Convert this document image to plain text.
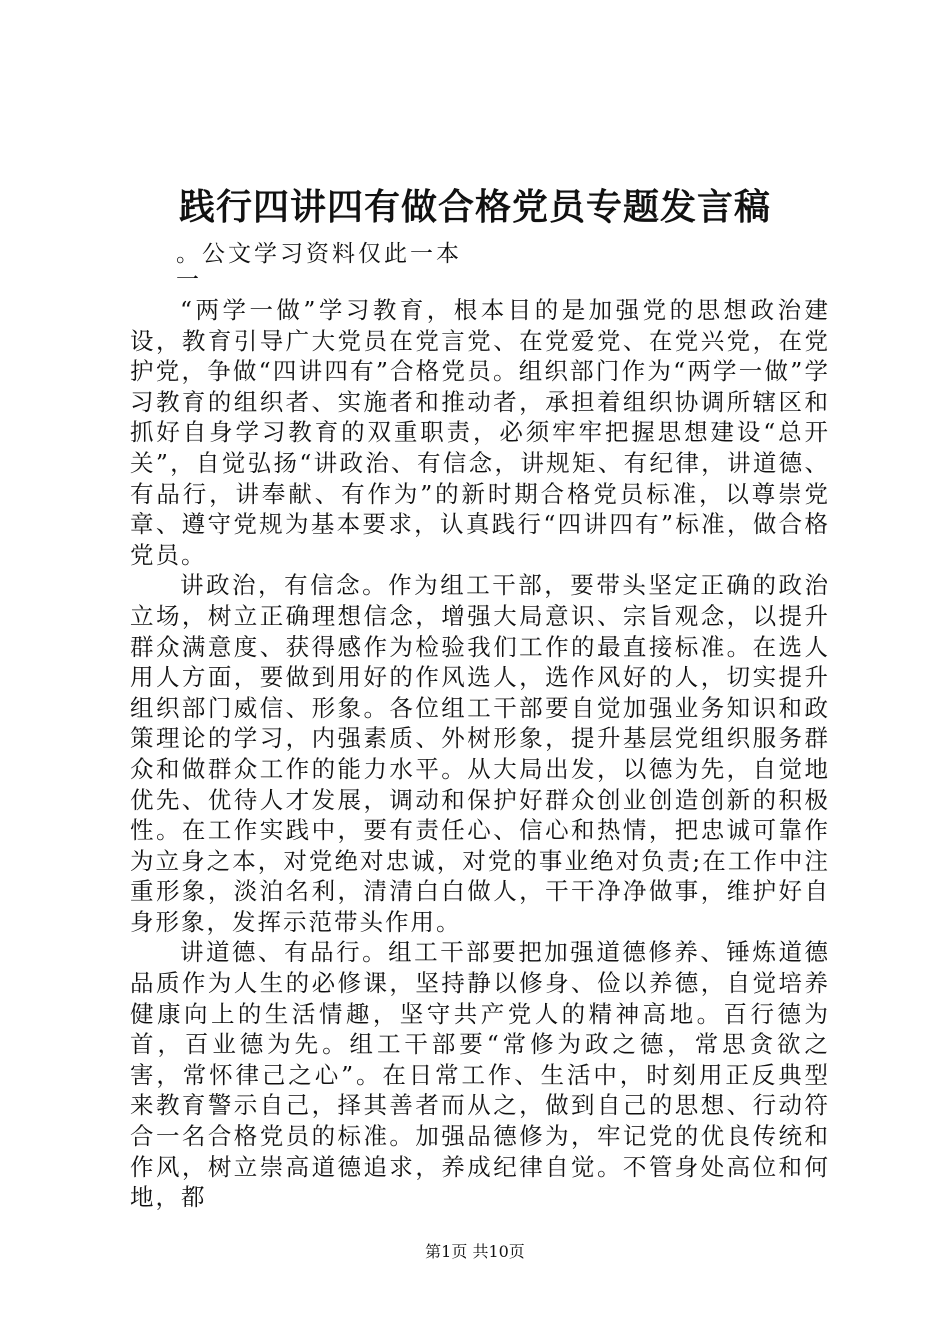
践行四讲四有做合格党员专题发言稿
。公文学习资料仅此一本
一

“两学一做”学习教育，根本目的是加强党的思想政治建设，教育引导广大党员在党言党、在党爱党、在党兴党，在党护党，争做“四讲四有”合格党员。组织部门作为“两学一做”学习教育的组织者、实施者和推动者，承担着组织协调所辖区和抓好自身学习教育的双重职责，必须牢牢把握思想建设“总开关”，自觉弘扬“讲政治、有信念，讲规矩、有纪律，讲道德、有品行，讲奉献、有作为”的新时期合格党员标准，以尊崇党章、遵守党规为基本要求，认真践行“四讲四有”标准，做合格党员。

讲政治，有信念。作为组工干部，要带头坚定正确的政治立场，树立正确理想信念，增强大局意识、宗旨观念，以提升群众满意度、获得感作为检验我们工作的最直接标准。在选人用人方面，要做到用好的作风选人，选作风好的人，切实提升组织部门威信、形象。各位组工干部要自觉加强业务知识和政策理论的学习，内强素质、外树形象，提升基层党组织服务群众和做群众工作的能力水平。从大局出发，以德为先，自觉地优先、优待人才发展，调动和保护好群众创业创造创新的积极性。在工作实践中，要有责任心、信心和热情，把忠诚可靠作为立身之本，对党绝对忠诚，对党的事业绝对负责;在工作中注重形象，淡泊名利，清清白白做人，干干净净做事，维护好自身形象，发挥示范带头作用。

讲道德、有品行。组工干部要把加强道德修养、锤炼道德品质作为人生的必修课，坚持静以修身、俭以养德，自觉培养健康向上的生活情趣，坚守共产党人的精神高地。百行德为首，百业德为先。组工干部要“常修为政之德，常思贪欲之害，常怀律己之心”。在日常工作、生活中，时刻用正反典型来教育警示自己，择其善者而从之，做到自己的思想、行动符合一名合格党员的标准。加强品德修为，牢记党的优良传统和作风，树立崇高道德追求，养成纪律自觉。不管身处高位和何地，都

第1页 共10页
